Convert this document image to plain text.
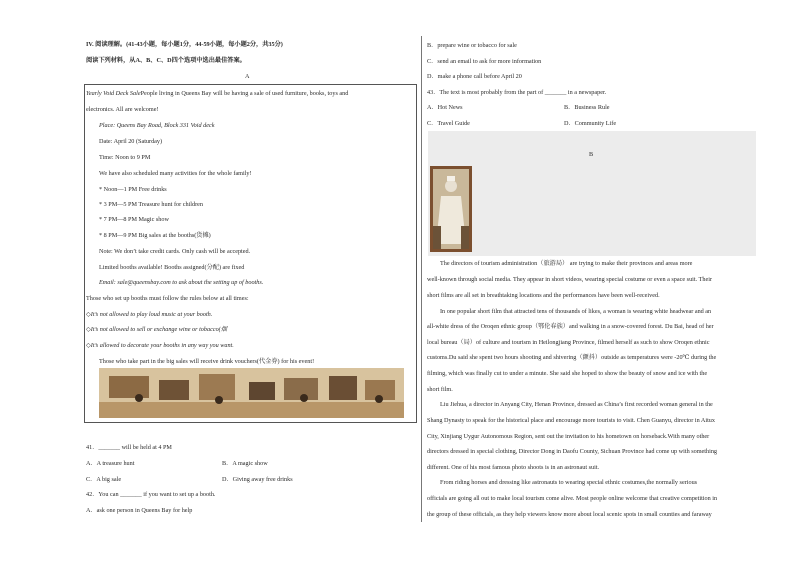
IV. 阅读理解。(41-43小题，每小题1分，44-59小题，每小题2分，共35分)
阅读下列材料，从A、B、C、D四个选项中选出最佳答案。
A
Yearly Void Deck SalePeople living in Queens Bay will be having a sale of used furniture, books, toys and
electronics. All are welcome!
Place: Queens Bay Road, Block 331 Void deck
Date: April 20 (Saturday)
Time: Noon to 9 PM
We have also scheduled many activities for the whole family!
* Noon—1 PM Free drinks
* 3 PM—5 PM Treasure hunt for children
* 7 PM—8 PM Magic show
* 8 PM—9 PM Big sales at the booths(货摊)
Note: We don’t take credit cards. Only cash will be accepted.
Limited booths available! Booths assigned(分配) are fixed
Email: sale@queensbay.com to ask about the setting up of booths.
Those who set up booths must follow the rules below at all times:
◇It’s not allowed to play loud music at your booth.
◇It’s not allowed to sell or exchange wine or tobacco(烟
◇It’s allowed to decorate your booths in any way you want.
Those who take part in the big sales will receive drink vouchers(代金券) for his event!
41．_______ will be held at 4 PM
A．A treasure hunt	B．A magic show
C．A big sale	D．Giving away free drinks
42．You can _______ if you want to set up a booth.
A．ask one person in Queens Bay for help
B．prepare wine or tobacco for sale
C．send an email to ask for more information
D．make a phone call before April 20
43．The text is most probably from the part of _______ in a newspaper.
A．Hot News	B．Business Rule
C．Travel Guide	D．Community Life
B
The directors of tourism administration（旅游局） are trying to make their provinces and areas more
well-known through social media. They appear in short videos, wearing special costume or even a space suit. Their
short films are all set in breathtaking locations and the performances have been well-received.
In one popular short film that attracted tens of thousands of likes, a woman is wearing white headwear and an
all-white dress of the Oroqen ethnic group（鄂伦春族）and walking in a snow-covered forest. Du Bai, head of her
local bureau（局）of culture and tourism in Heilongjiang Province, filmed herself as such to show Oroqen ethnic
customs.Du said she spent two hours shooting and shivering（颤抖）outside as temperatures were -20℃ during the
filming, which was finally cut to under a minute. She said she hoped to show the beauty of snow and ice with the
short film.
Liu Jiehua, a director in Anyang City, Henan Province, dressed as China’s first recorded woman general in the
Shang Dynasty to speak for the historical place and encourage more tourists to visit. Chen Guanyu, director in Aitux
City, Xinjiang Uygur Autonomous Region, sent out the invitation to his hometown on horseback.With many other
directors dressed in special clothing, Director Dong in Daofu County, Sichuan Province had come up with something
different. One of his most famous photo shoots is in an astronaut suit.
From riding horses and dressing like astronauts to wearing special ethnic costumes,the normally serious
officials are going all out to make local tourism come alive. Most people online welcome that creative competition in
the group of these officials, as they help viewers know more about local scenic spots in small counties and faraway
